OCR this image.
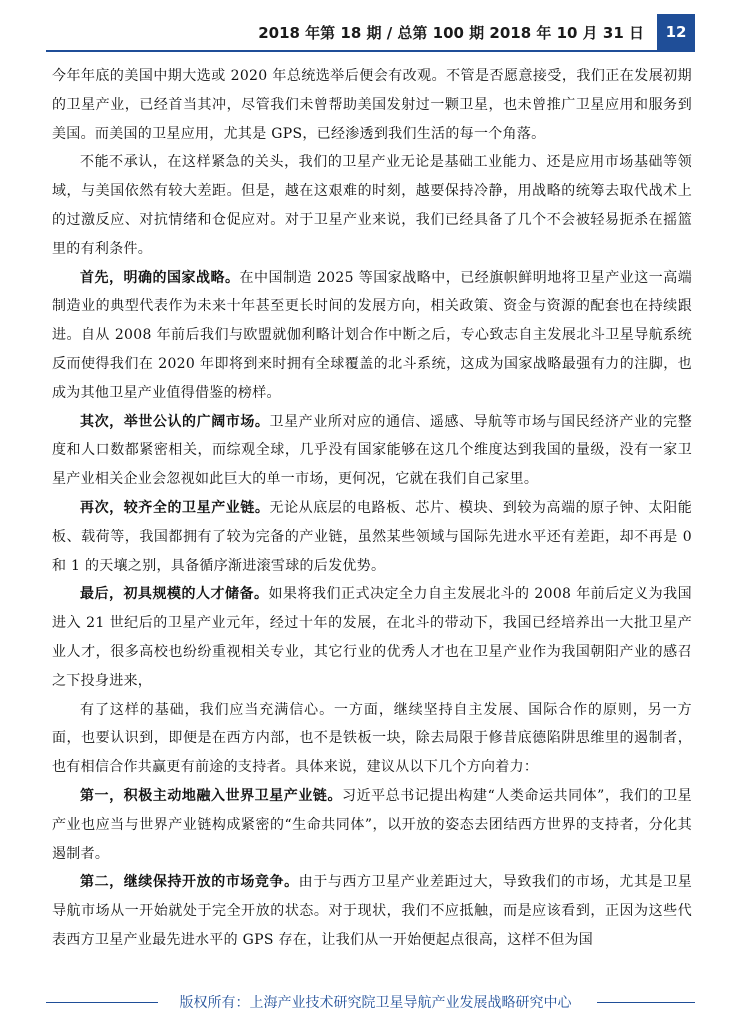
2018 年第 18 期 / 总第 100 期 2018 年 10 月 31 日	12

今年年底的美国中期大选或 2020 年总统选举后便会有改观。不管是否愿意接受，我们正在发展初期的卫星产业，已经首当其冲，尽管我们未曾帮助美国发射过一颗卫星，也未曾推广卫星应用和服务到美国。而美国的卫星应用，尤其是 GPS，已经渗透到我们生活的每一个角落。

不能不承认，在这样紧急的关头，我们的卫星产业无论是基础工业能力、还是应用市场基础等领域，与美国依然有较大差距。但是，越在这艰难的时刻，越要保持冷静，用战略的统筹去取代战术上的过激反应、对抗情绪和仓促应对。对于卫星产业来说，我们已经具备了几个不会被轻易扼杀在摇篮里的有利条件。

首先，明确的国家战略。在中国制造 2025 等国家战略中，已经旗帜鲜明地将卫星产业这一高端制造业的典型代表作为未来十年甚至更长时间的发展方向，相关政策、资金与资源的配套也在持续跟进。自从 2008 年前后我们与欧盟就伽利略计划合作中断之后，专心致志自主发展北斗卫星导航系统反而使得我们在 2020 年即将到来时拥有全球覆盖的北斗系统，这成为国家战略最强有力的注脚，也成为其他卫星产业值得借鉴的榜样。

其次，举世公认的广阔市场。卫星产业所对应的通信、遥感、导航等市场与国民经济产业的完整度和人口数都紧密相关，而综观全球，几乎没有国家能够在这几个维度达到我国的量级，没有一家卫星产业相关企业会忽视如此巨大的单一市场，更何况，它就在我们自己家里。

再次，较齐全的卫星产业链。无论从底层的电路板、芯片、模块、到较为高端的原子钟、太阳能板、载荷等，我国都拥有了较为完备的产业链，虽然某些领域与国际先进水平还有差距，却不再是 0 和 1 的天壤之别，具备循序渐进滚雪球的后发优势。

最后，初具规模的人才储备。如果将我们正式决定全力自主发展北斗的 2008 年前后定义为我国进入 21 世纪后的卫星产业元年，经过十年的发展，在北斗的带动下，我国已经培养出一大批卫星产业人才，很多高校也纷纷重视相关专业，其它行业的优秀人才也在卫星产业作为我国朝阳产业的感召之下投身进来，

有了这样的基础，我们应当充满信心。一方面，继续坚持自主发展、国际合作的原则，另一方面，也要认识到，即便是在西方内部，也不是铁板一块，除去局限于修昔底德陷阱思维里的遏制者，也有相信合作共赢更有前途的支持者。具体来说，建议从以下几个方向着力：

第一，积极主动地融入世界卫星产业链。习近平总书记提出构建“人类命运共同体”，我们的卫星产业也应当与世界产业链构成紧密的“生命共同体”，以开放的姿态去团结西方世界的支持者，分化其遏制者。

第二，继续保持开放的市场竞争。由于与西方卫星产业差距过大，导致我们的市场，尤其是卫星导航市场从一开始就处于完全开放的状态。对于现状，我们不应抵触，而是应该看到，正因为这些代表西方卫星产业最先进水平的 GPS 存在，让我们从一开始便起点很高，这样不但为国

版权所有：上海产业技术研究院卫星导航产业发展战略研究中心
